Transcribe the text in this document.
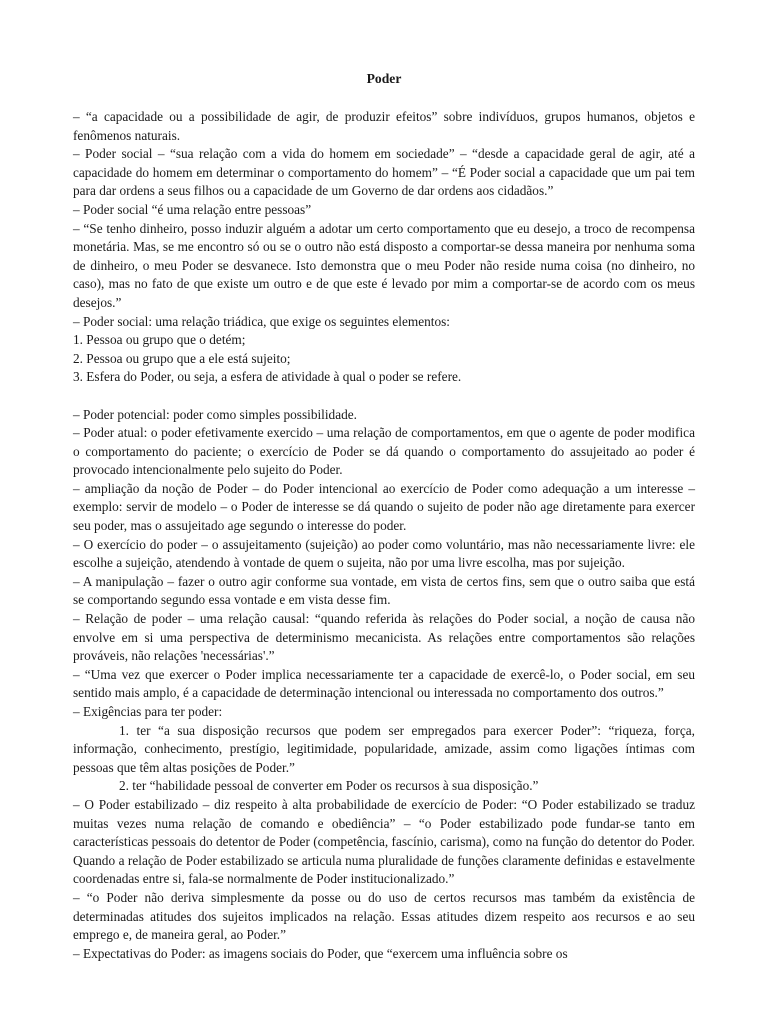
Poder

– “a capacidade ou a possibilidade de agir, de produzir efeitos” sobre indivíduos, grupos humanos, objetos e fenômenos naturais.

– Poder social – “sua relação com a vida do homem em sociedade” – “desde a capacidade geral de agir, até a capacidade do homem em determinar o comportamento do homem” – “É Poder social a capacidade que um pai tem para dar ordens a seus filhos ou a capacidade de um Governo de dar ordens aos cidadãos.”

– Poder social “é uma relação entre pessoas”

– “Se tenho dinheiro, posso induzir alguém a adotar um certo comportamento que eu desejo, a troco de recompensa monetária. Mas, se me encontro só ou se o outro não está disposto a comportar-se dessa maneira por nenhuma soma de dinheiro, o meu Poder se desvanece. Isto demonstra que o meu Poder não reside numa coisa (no dinheiro, no caso), mas no fato de que existe um outro e de que este é levado por mim a comportar-se de acordo com os meus desejos.”

– Poder social: uma relação triádica, que exige os seguintes elementos:

1. Pessoa ou grupo que o detém;

2. Pessoa ou grupo que a ele está sujeito;

3. Esfera do Poder, ou seja, a esfera de atividade à qual o poder se refere.

– Poder potencial: poder como simples possibilidade.

– Poder atual: o poder efetivamente exercido – uma relação de comportamentos, em que o agente de poder modifica o comportamento do paciente; o exercício de Poder se dá quando o comportamento do assujeitado ao poder é provocado intencionalmente pelo sujeito do Poder.

– ampliação da noção de Poder – do Poder intencional ao exercício de Poder como adequação a um interesse – exemplo: servir de modelo – o Poder de interesse se dá quando o sujeito de poder não age diretamente para exercer seu poder, mas o assujeitado age segundo o interesse do poder.

– O exercício do poder – o assujeitamento (sujeição) ao poder como voluntário, mas não necessariamente livre: ele escolhe a sujeição, atendendo à vontade de quem o sujeita, não por uma livre escolha, mas por sujeição.

– A manipulação – fazer o outro agir conforme sua vontade, em vista de certos fins, sem que o outro saiba que está se comportando segundo essa vontade e em vista desse fim.

– Relação de poder – uma relação causal: “quando referida às relações do Poder social, a noção de causa não envolve em si uma perspectiva de determinismo mecanicista. As relações entre comportamentos são relações prováveis, não relações 'necessárias'.”

– “Uma vez que exercer o Poder implica necessariamente ter a capacidade de exercê-lo, o Poder social, em seu sentido mais amplo, é a capacidade de determinação intencional ou interessada no comportamento dos outros.”

– Exigências para ter poder:

1. ter “a sua disposição recursos que podem ser empregados para exercer Poder”: “riqueza, força, informação, conhecimento, prestígio, legitimidade, popularidade, amizade, assim como ligações íntimas com pessoas que têm altas posições de Poder.”

2. ter “habilidade pessoal de converter em Poder os recursos à sua disposição.”

– O Poder estabilizado – diz respeito à alta probabilidade de exercício de Poder: “O Poder estabilizado se traduz muitas vezes numa relação de comando e obediência” – “o Poder estabilizado pode fundar-se tanto em características pessoais do detentor de Poder (competência, fascínio, carisma), como na função do detentor do Poder. Quando a relação de Poder estabilizado se articula numa pluralidade de funções claramente definidas e estavelmente coordenadas entre si, fala-se normalmente de Poder institucionalizado.”

– “o Poder não deriva simplesmente da posse ou do uso de certos recursos mas também da existência de determinadas atitudes dos sujeitos implicados na relação. Essas atitudes dizem respeito aos recursos e ao seu emprego e, de maneira geral, ao Poder.”

– Expectativas do Poder: as imagens sociais do Poder, que “exercem uma influência sobre os
